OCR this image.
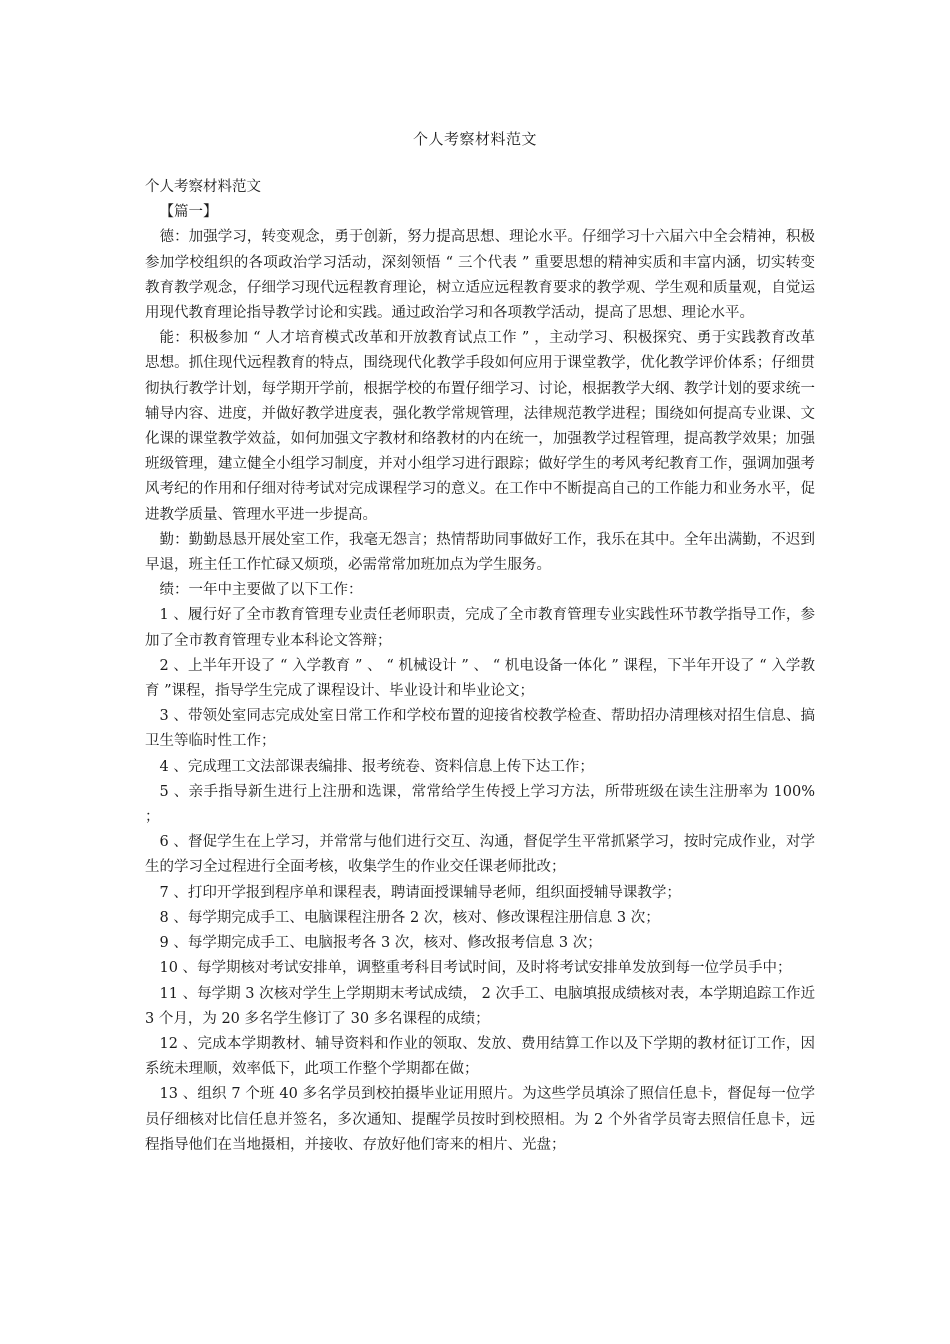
个人考察材料范文

个人考察材料范文

【篇一】

德：加强学习，转变观念，勇于创新，努力提高思想、理论水平。仔细学习十六届六中全会精神，积极参加学校组织的各项政治学习活动，深刻领悟 “ 三个代表 ” 重要思想的精神实质和丰富内涵，切实转变教育教学观念，仔细学习现代远程教育理论，树立适应远程教育要求的教学观、学生观和质量观，自觉运用现代教育理论指导教学讨论和实践。通过政治学习和各项教学活动，提高了思想、理论水平。

能：积极参加 “ 人才培育模式改革和开放教育试点工作 ” ，主动学习、积极探究、勇于实践教育改革思想。抓住现代远程教育的特点，围绕现代化教学手段如何应用于课堂教学，优化教学评价体系；仔细贯彻执行教学计划，每学期开学前，根据学校的布置仔细学习、讨论，根据教学大纲、教学计划的要求统一辅导内容、进度，并做好教学进度表，强化教学常规管理，法律规范教学进程；围绕如何提高专业课、文化课的课堂教学效益，如何加强文字教材和络教材的内在统一，加强教学过程管理，提高教学效果；加强班级管理，建立健全小组学习制度，并对小组学习进行跟踪；做好学生的考风考纪教育工作，强调加强考风考纪的作用和仔细对待考试对完成课程学习的意义。在工作中不断提高自己的工作能力和业务水平，促进教学质量、管理水平进一步提高。

勤：勤勤恳恳开展处室工作，我毫无怨言；热情帮助同事做好工作，我乐在其中。全年出满勤，不迟到早退，班主任工作忙碌又烦琐，必需常常加班加点为学生服务。

绩：一年中主要做了以下工作：

1 、履行好了全市教育管理专业责任老师职责，完成了全市教育管理专业实践性环节教学指导工作，参加了全市教育管理专业本科论文答辩；

2 、上半年开设了 “ 入学教育 ” 、 “ 机械设计 ” 、 “ 机电设备一体化 ” 课程，下半年开设了 “ 入学教育 ”课程，指导学生完成了课程设计、毕业设计和毕业论文；

3 、带领处室同志完成处室日常工作和学校布置的迎接省校教学检查、帮助招办清理核对招生信息、搞卫生等临时性工作；

4 、完成理工文法部课表编排、报考统卷、资料信息上传下达工作；

5 、亲手指导新生进行上注册和选课，常常给学生传授上学习方法，所带班级在读生注册率为 100% ；

6 、督促学生在上学习，并常常与他们进行交互、沟通，督促学生平常抓紧学习，按时完成作业，对学生的学习全过程进行全面考核，收集学生的作业交任课老师批改；

7 、打印开学报到程序单和课程表，聘请面授课辅导老师，组织面授辅导课教学；

8 、每学期完成手工、电脑课程注册各 2 次，核对、修改课程注册信息 3 次；

9 、每学期完成手工、电脑报考各 3 次，核对、修改报考信息 3 次；

10 、每学期核对考试安排单，调整重考科目考试时间，及时将考试安排单发放到每一位学员手中；

11 、每学期 3 次核对学生上学期期末考试成绩， 2 次手工、电脑填报成绩核对表，本学期追踪工作近 3 个月，为 20 多名学生修订了 30 多名课程的成绩；

12 、完成本学期教材、辅导资料和作业的领取、发放、费用结算工作以及下学期的教材征订工作，因系统未理顺，效率低下，此项工作整个学期都在做；

13 、组织 7 个班 40 多名学员到校拍摄毕业证用照片。为这些学员填涂了照信任息卡，督促每一位学员仔细核对比信任息并签名，多次通知、提醒学员按时到校照相。为 2 个外省学员寄去照信任息卡，远程指导他们在当地摄相，并接收、存放好他们寄来的相片、光盘；
